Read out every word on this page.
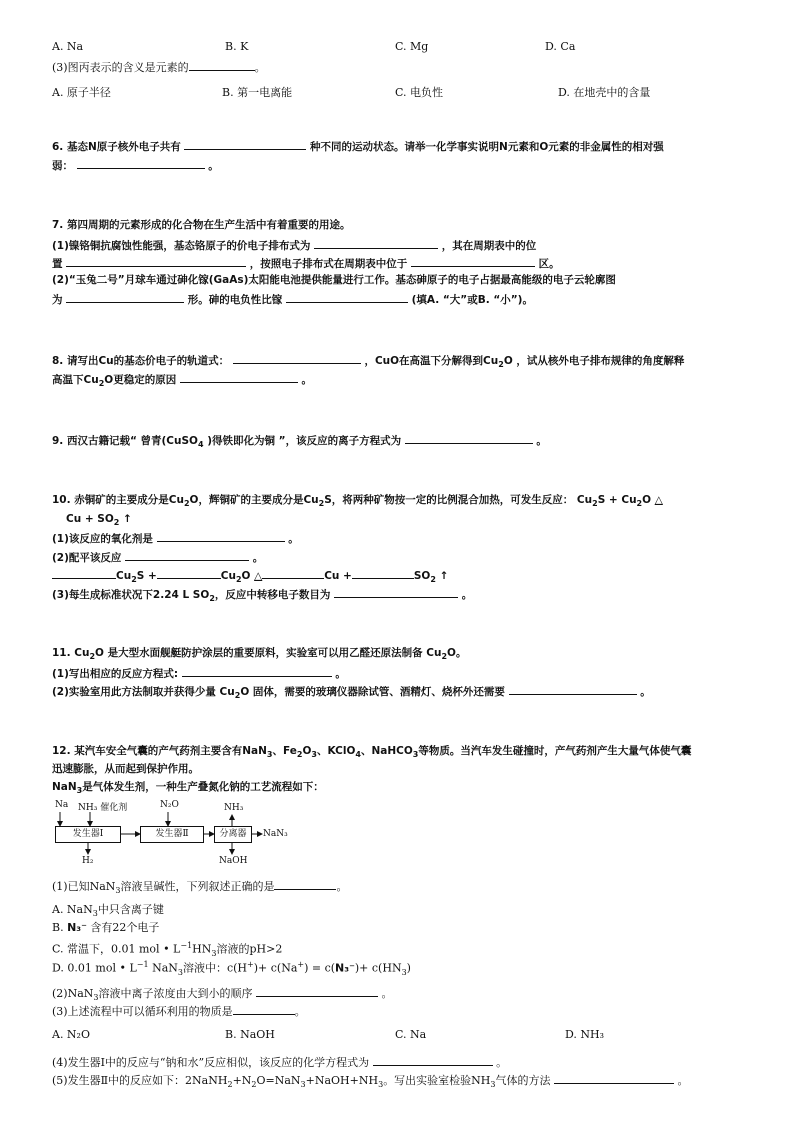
A. Na	B. K	C. Mg	D. Ca
(3)图丙表示的含义是元素的	。
A. 原子半径	B. 第一电离能	C. 电负性	D. 在地壳中的含量
6. 基态N原子核外电子共有	种不同的运动状态。请举一化学事实说明N元素和O元素的非金属性的相对强
弱：	。
7. 第四周期的元素形成的化合物在生产生活中有着重要的用途。
(1)镍铬铜抗腐蚀性能强，基态铬原子的价电子排布式为	，其在周期表中的位
置	，按照电子排布式在周期表中位于	区。
(2)“玉兔二号”月球车通过砷化镓(GaAs)太阳能电池提供能量进行工作。基态砷原子的电子占据最高能级的电子云轮廓图
为	形。砷的电负性比镓	(填A. “大”或B. “小”)。
8. 请写出Cu的基态价电子的轨道式：	，CuO在高温下分解得到$Cu_2O$ ，试从核外电子排布规律的角度解释
高温下$Cu_2O$更稳定的原因	。
9. 西汉古籍记载“ 曾青(CuSO$_4$ )得铁即化为铜 ”，该反应的离子方程式为	。
10. 赤铜矿的主要成分是$Cu_2O$，辉铜矿的主要成分是$Cu_2S$，将两种矿物按一定的比例混合加热，可发生反应： $Cu_2S + Cu_2O$ △
$Cu + SO_2$ ↑
(1)该反应的氧化剂是	。
(2)配平该反应	。
$Cu_2S$ +	$Cu_2O$ △	Cu +	$SO_2$ ↑
(3)每生成标准状况下2.24 L $SO_2$，反应中转移电子数目为	。
11. $Cu_2O$ 是大型水面舰艇防护涂层的重要原料，实验室可以用乙醛还原法制备 $Cu_2O$。
(1)写出相应的反应方程式:	。
(2)实验室用此方法制取并获得少量 $Cu_2O$ 固体，需要的玻璃仪器除试管、酒精灯、烧杯外还需要	。
12. 某汽车安全气囊的产气药剂主要含有NaN$_3$、$Fe_2O_3$、KClO$_4$、NaHCO$_3$等物质。当汽车发生碰撞时，产气药剂产生大量气体使气囊
迅速膨胀，从而起到保护作用。
NaN$_3$是气体发生剂，一种生产叠氮化钠的工艺流程如下：
Na NH₃ 催化剂	N₂O	NH₃
发生器Ⅰ	发生器Ⅱ	分离器	NaN₃
H₂	NaOH
(1)已知NaN$_3$溶液呈碱性，下列叙述正确的是	。
A. NaN$_3$中只含离子键
B. N₃⁻ 含有22个电子
C. 常温下，0.01 mol • $L^{-1}HN_3$溶液的pH>2
D. 0.01 mol • $L^{-1}$ NaN$_3$溶液中：$c(H^+)+ c(Na^+) = c(N_3^-)+ c(HN_3)$
(2)NaN$_3$溶液中离子浓度由大到小的顺序	。
(3)上述流程中可以循环利用的物质是	。
A. N₂O	B. NaOH	C. Na	D. NH₃
(4)发生器Ⅰ中的反应与“钠和水”反应相似，该反应的化学方程式为	。
(5)发生器Ⅱ中的反应如下：$2NaNH_2+N_2O=NaN_3+NaOH+NH_3$。写出实验室检验$NH_3$气体的方法	。
